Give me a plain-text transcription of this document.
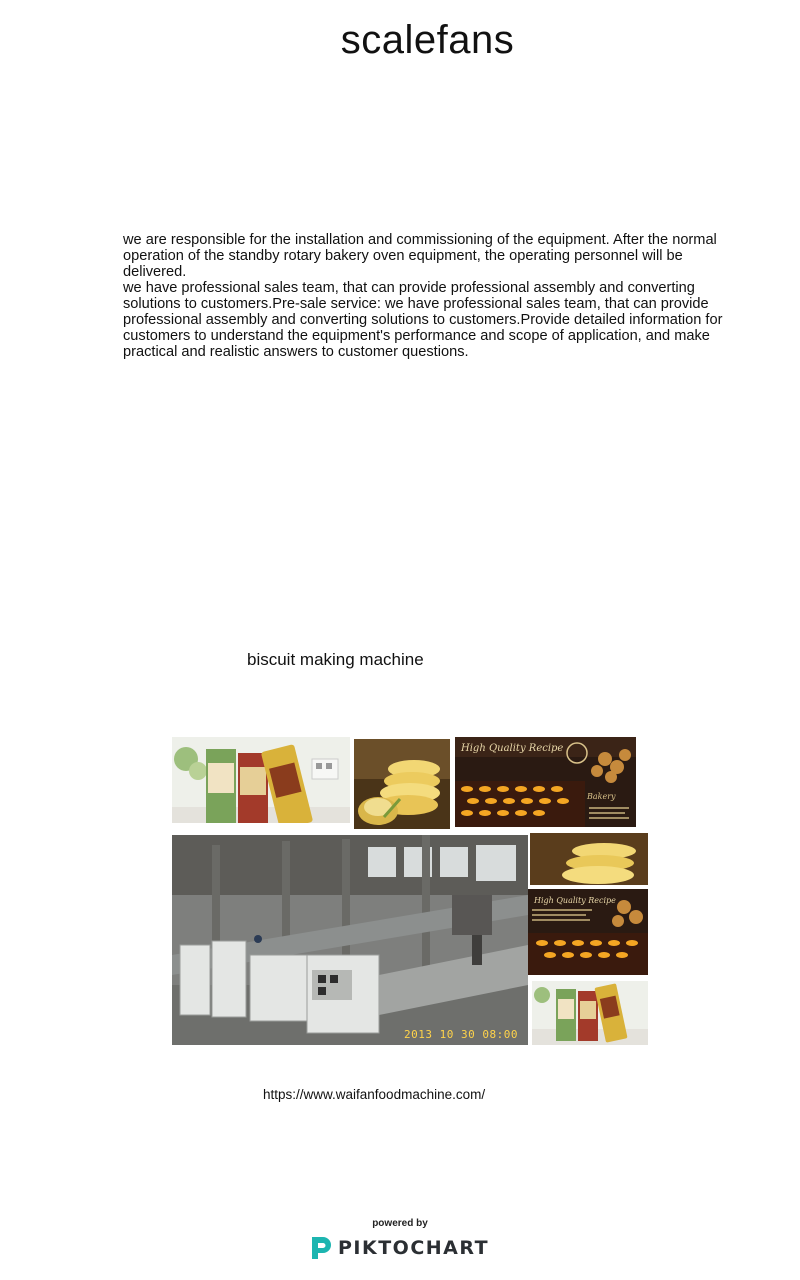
scalefans

we are responsible for the installation and commissioning of the equipment. After the normal operation of the standby rotary bakery oven equipment, the operating personnel will be delivered.

we have professional sales team, that can provide professional assembly and converting solutions to customers.Pre-sale service: we have professional sales team, that can provide professional assembly and converting solutions to customers.Provide detailed information for customers to understand the equipment's performance and scope of application, and make practical and realistic answers to customer questions.

biscuit making machine
High Quality Recipe
Bakery
2013 10 30 08:00
High Quality Recipe
https://www.waifanfoodmachine.com/
powered by
PIKTOCHART
